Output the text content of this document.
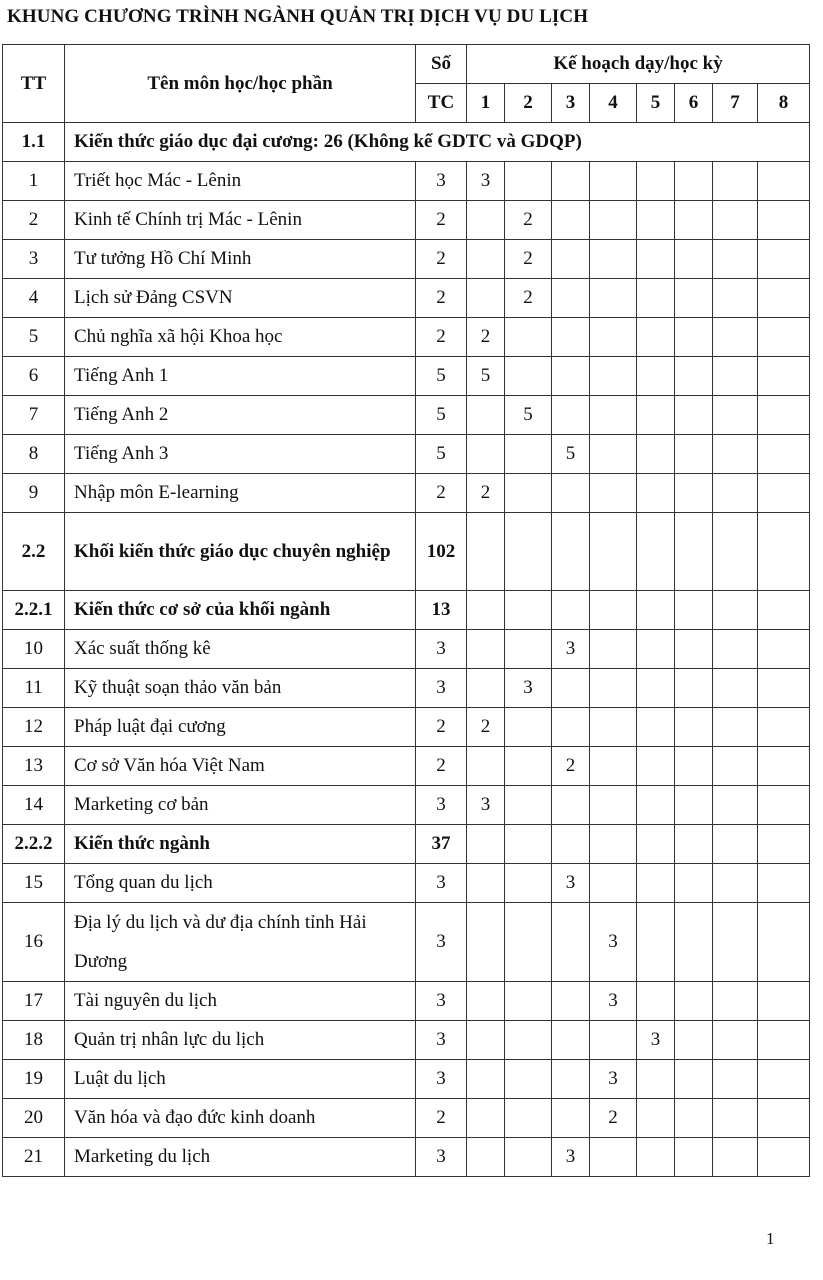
KHUNG CHƯƠNG TRÌNH NGÀNH QUẢN TRỊ DỊCH VỤ DU LỊCH
TT	Tên môn học/học phần	Số	Kế hoạch dạy/học kỳ							
		TC	1	2	3	4	5	6	7	8
1.1	Kiến thức giáo dục đại cương: 26 (Không kể GDTC và GDQP)									
1	Triết học Mác - Lênin	3	3							
2	Kinh tế Chính trị Mác - Lênin	2		2						
3	Tư tưởng Hồ Chí Minh	2		2						
4	Lịch sử Đảng CSVN	2		2						
5	Chủ nghĩa xã hội Khoa học	2	2							
6	Tiếng Anh 1	5	5							
7	Tiếng Anh 2	5		5						
8	Tiếng Anh 3	5			5					
9	Nhập môn E-learning	2	2							
2.2	Khối kiến thức giáo dục chuyên nghiệp	102								
2.2.1	Kiến thức cơ sở của khối ngành	13								
10	Xác suất thống kê	3			3					
11	Kỹ thuật soạn thảo văn bản	3		3						
12	Pháp luật đại cương	2	2							
13	Cơ sở Văn hóa Việt Nam	2			2					
14	Marketing cơ bản	3	3							
2.2.2	Kiến thức ngành	37								
15	Tổng quan du lịch	3			3					
16	Địa lý du lịch và dư địa chính tỉnh Hải Dương	3				3				
17	Tài nguyên du lịch	3				3				
18	Quản trị nhân lực du lịch	3					3			
19	Luật du lịch	3				3				
20	Văn hóa và đạo đức kinh doanh	2				2				
21	Marketing du lịch	3			3					
1
